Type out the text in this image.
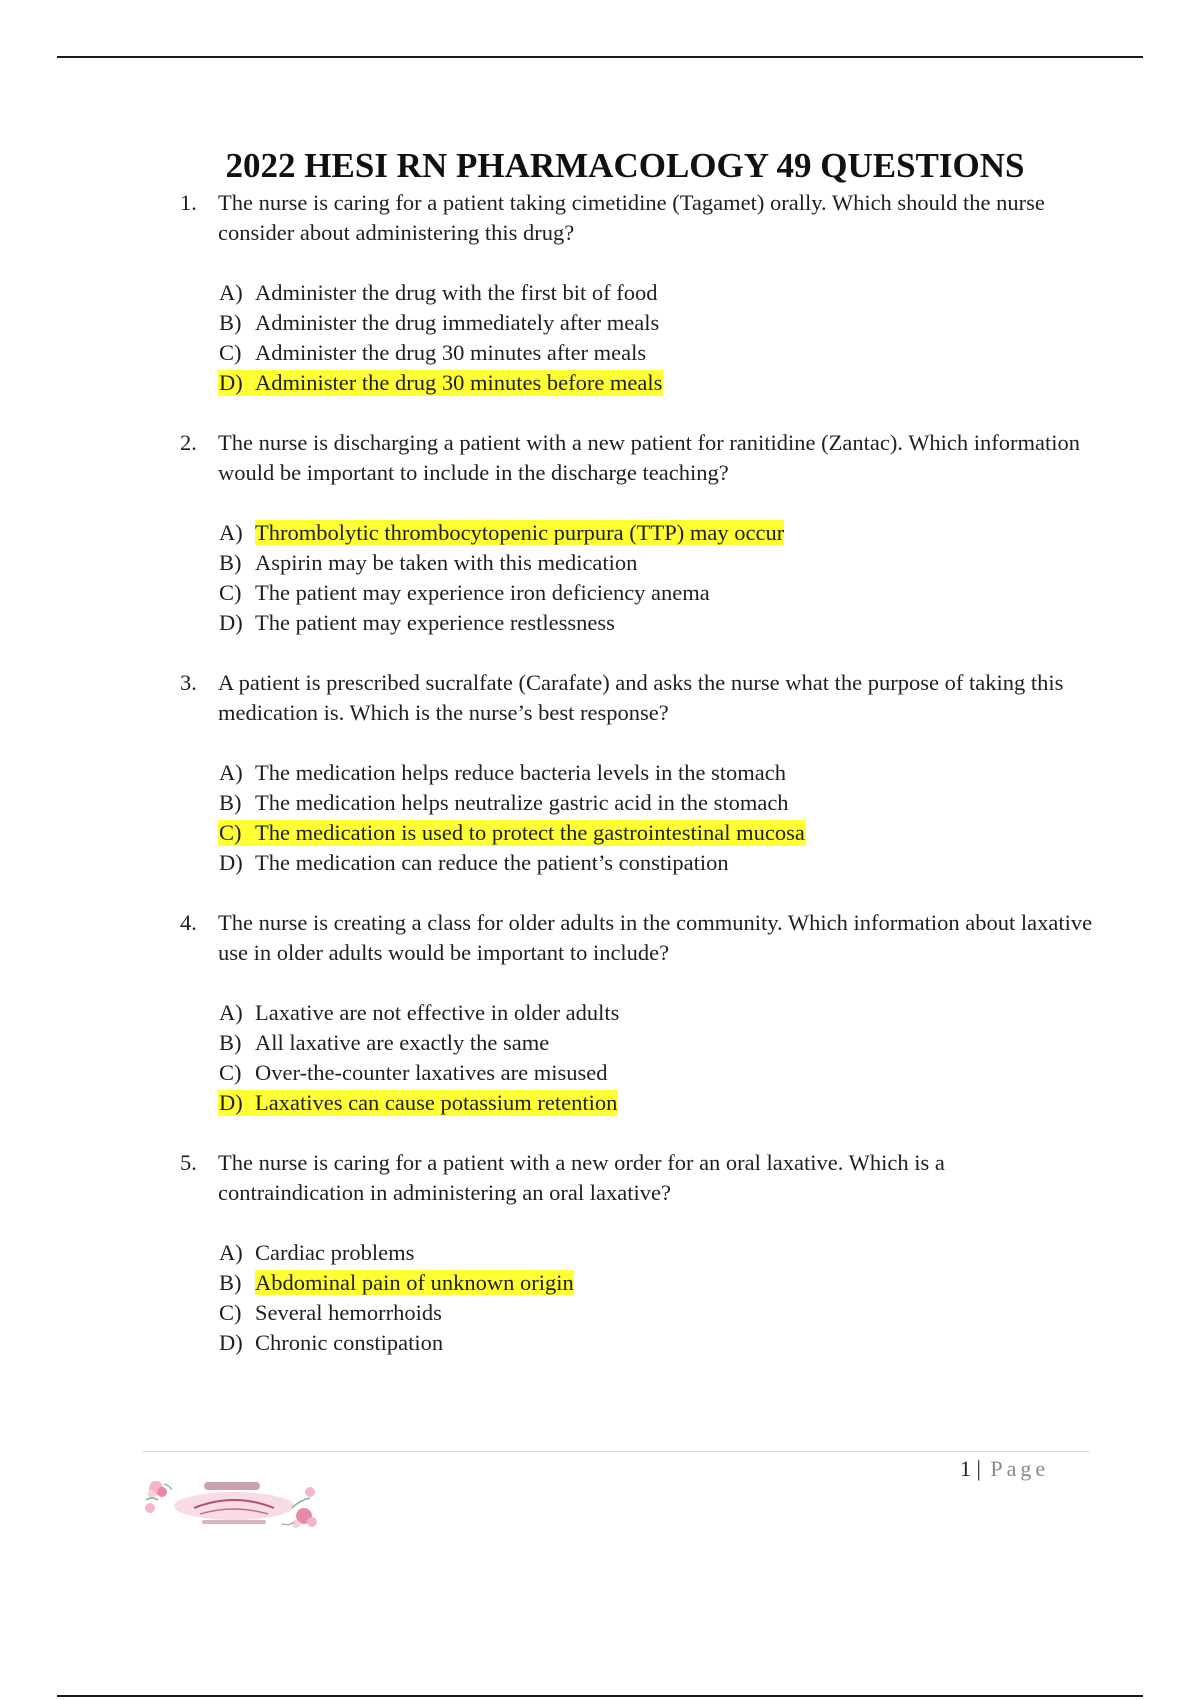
2022 HESI RN PHARMACOLOGY 49 QUESTIONS
1. The nurse is caring for a patient taking cimetidine (Tagamet) orally. Which should the nurse consider about administering this drug?
A) Administer the drug with the first bit of food
B) Administer the drug immediately after meals
C) Administer the drug 30 minutes after meals
D) Administer the drug 30 minutes before meals
2. The nurse is discharging a patient with a new patient for ranitidine (Zantac). Which information would be important to include in the discharge teaching?
A) Thrombolytic thrombocytopenic purpura (TTP) may occur
B) Aspirin may be taken with this medication
C) The patient may experience iron deficiency anema
D) The patient may experience restlessness
3. A patient is prescribed sucralfate (Carafate) and asks the nurse what the purpose of taking this medication is. Which is the nurse’s best response?
A) The medication helps reduce bacteria levels in the stomach
B) The medication helps neutralize gastric acid in the stomach
C) The medication is used to protect the gastrointestinal mucosa
D) The medication can reduce the patient’s constipation
4. The nurse is creating a class for older adults in the community. Which information about laxative use in older adults would be important to include?
A) Laxative are not effective in older adults
B) All laxative are exactly the same
C) Over-the-counter laxatives are misused
D) Laxatives can cause potassium retention
5. The nurse is caring for a patient with a new order for an oral laxative. Which is a contraindication in administering an oral laxative?
A) Cardiac problems
B) Abdominal pain of unknown origin
C) Several hemorrhoids
D) Chronic constipation
1 | Page
